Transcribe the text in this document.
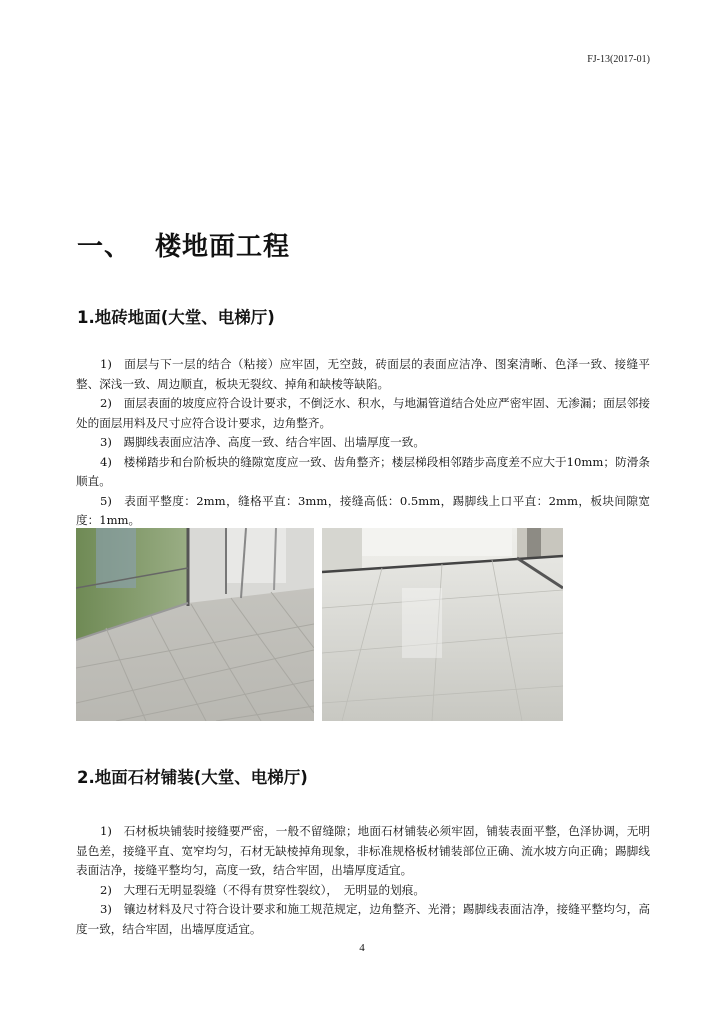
FJ-13(2017-01)
一、 楼地面工程
1.地砖地面(大堂、电梯厅)

1)　面层与下一层的结合（粘接）应牢固，无空鼓，砖面层的表面应洁净、图案清晰、色泽一致、接缝平整、深浅一致、周边顺直，板块无裂纹、掉角和缺棱等缺陷。

2)　面层表面的坡度应符合设计要求，不倒泛水、积水，与地漏管道结合处应严密牢固、无渗漏；面层邻接处的面层用料及尺寸应符合设计要求，边角整齐。

3)　踢脚线表面应洁净、高度一致、结合牢固、出墙厚度一致。

4)　楼梯踏步和台阶板块的缝隙宽度应一致、齿角整齐；楼层梯段相邻踏步高度差不应大于10mm；防滑条顺直。

5)　表面平整度：2mm，缝格平直：3mm，接缝高低：0.5mm，踢脚线上口平直：2mm，板块间隙宽度：1mm。

2.地面石材铺装(大堂、电梯厅)

1)　石材板块铺装时接缝要严密，一般不留缝隙；地面石材铺装必须牢固，铺装表面平整，色泽协调，无明显色差，接缝平直、宽窄均匀，石材无缺棱掉角现象，非标准规格板材铺装部位正确、流水坡方向正确；踢脚线表面洁净，接缝平整均匀，高度一致，结合牢固，出墙厚度适宜。

2)　大理石无明显裂缝（不得有贯穿性裂纹），　无明显的划痕。

3)　镶边材料及尺寸符合设计要求和施工规范规定，边角整齐、光滑；踢脚线表面洁净，接缝平整均匀，高度一致，结合牢固，出墙厚度适宜。

4
